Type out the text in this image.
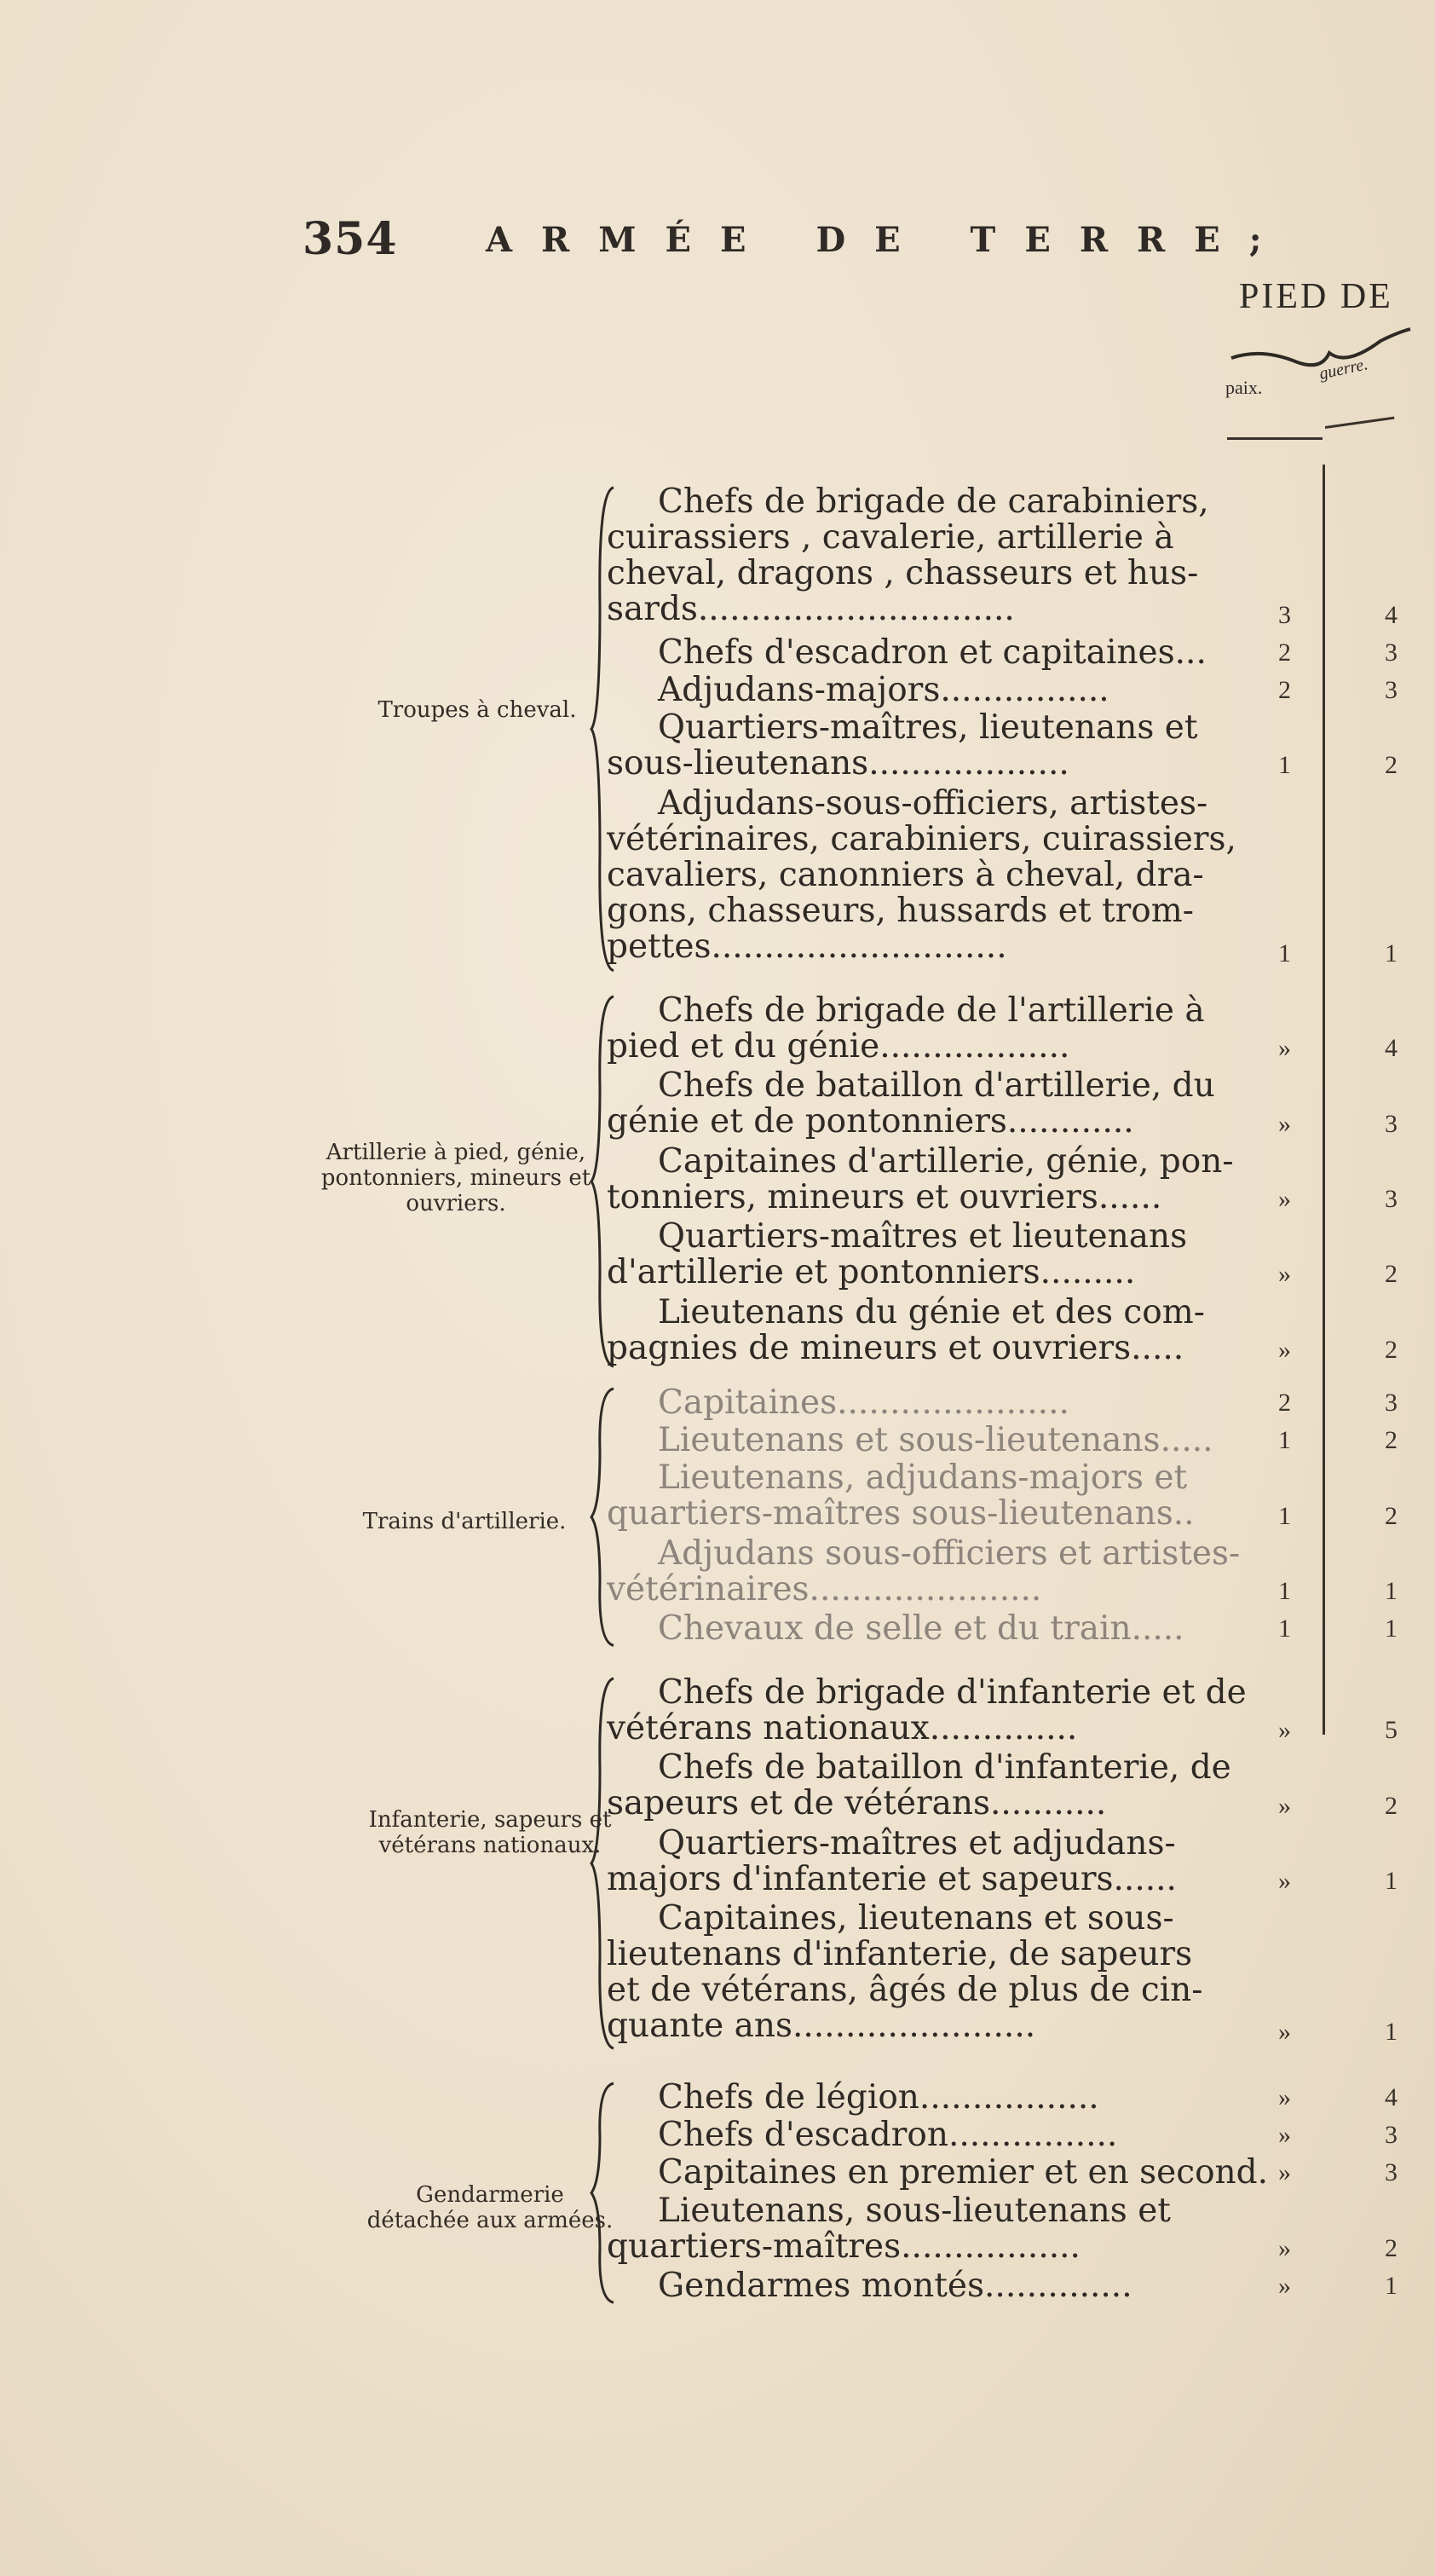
354	ARMÉE DE TERRE;
PIED DE
paix.
guerre.
Troupes à cheval.
Chefs de brigade de carabiniers,
cuirassiers , cavalerie, artillerie à
cheval, dragons , chasseurs et hus-
sards..............................	3	4
Chefs d'escadron et capitaines...	2	3
Adjudans-majors................	2	3
Quartiers-maîtres, lieutenans et
sous-lieutenans...................	1	2
Adjudans-sous-officiers, artistes-
vétérinaires, carabiniers, cuirassiers,
cavaliers, canonniers à cheval, dra-
gons, chasseurs, hussards et trom-
pettes............................	1	1
Artillerie à pied, génie, pontonniers, mineurs et ouvriers.
Chefs de brigade de l'artillerie à
pied et du génie..................	»	4
Chefs de bataillon d'artillerie, du
génie et de pontonniers............	»	3
Capitaines d'artillerie, génie, pon-
tonniers, mineurs et ouvriers......	»	3
Quartiers-maîtres et lieutenans
d'artillerie et pontonniers.........	»	2
Lieutenans du génie et des com-
pagnies de mineurs et ouvriers.....	»	2
Trains d'artillerie.
Capitaines......................	2	3
Lieutenans et sous-lieutenans.....	1	2
Lieutenans, adjudans-majors et
quartiers-maîtres sous-lieutenans..	1	2
Adjudans sous-officiers et artistes-
vétérinaires......................	1	1
Chevaux de selle et du train.....	1	1
Infanterie, sapeurs et vétérans nationaux.
Chefs de brigade d'infanterie et de
vétérans nationaux..............	»	5
Chefs de bataillon d'infanterie, de
sapeurs et de vétérans...........	»	2
Quartiers-maîtres et adjudans-
majors d'infanterie et sapeurs......	»	1
Capitaines, lieutenans et sous-
lieutenans d'infanterie, de sapeurs
et de vétérans, âgés de plus de cin-
quante ans.......................	»	1
Gendarmerie détachée aux armées.
Chefs de légion.................	»	4
Chefs d'escadron................	»	3
Capitaines en premier et en second. »	3
Lieutenans, sous-lieutenans et
quartiers-maîtres.................	»	2
Gendarmes montés..............	»	1
